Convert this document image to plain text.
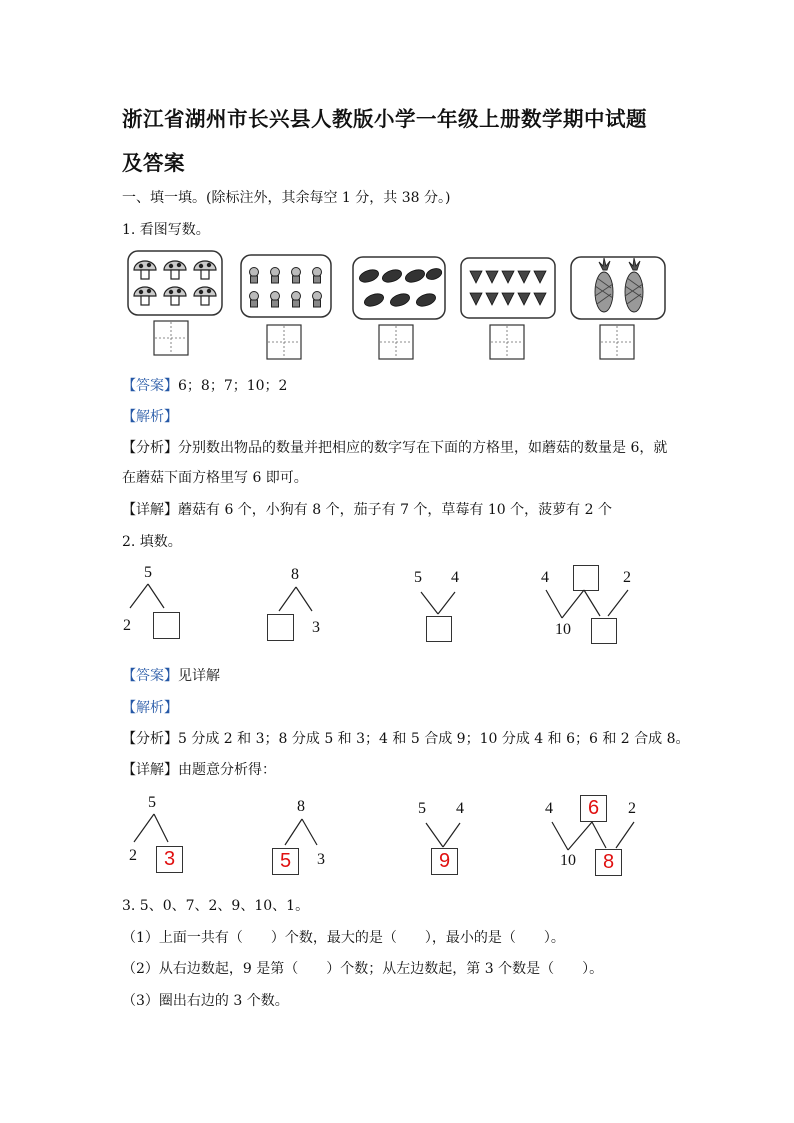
浙江省湖州市长兴县人教版小学一年级上册数学期中试题
及答案
一、填一填。(除标注外，其余每空 1 分，共 38 分。)
1. 看图写数。
【答案】6；8；7；10；2
【解析】
【分析】分别数出物品的数量并把相应的数字写在下面的方格里，如蘑菇的数量是 6，就
在蘑菇下面方格里写 6 即可。
【详解】蘑菇有 6 个，小狗有 8 个，茄子有 7 个，草莓有 10 个，菠萝有 2 个
2. 填数。
5
2
8
3
5 4	4	2
10
【答案】见详解
【解析】
【分析】5 分成 2 和 3；8 分成 5 和 3；4 和 5 合成 9；10 分成 4 和 6；6 和 2 合成 8。
【详解】由题意分析得：
5
2	3
8
5	3
5 4
9
4	6	2
10	8
3. 5、0、7、2、9、10、1。
（1）上面一共有（　　）个数，最大的是（　　），最小的是（　　）。
（2）从右边数起，9 是第（　　）个数；从左边数起，第 3 个数是（　　）。
（3）圈出右边的 3 个数。
